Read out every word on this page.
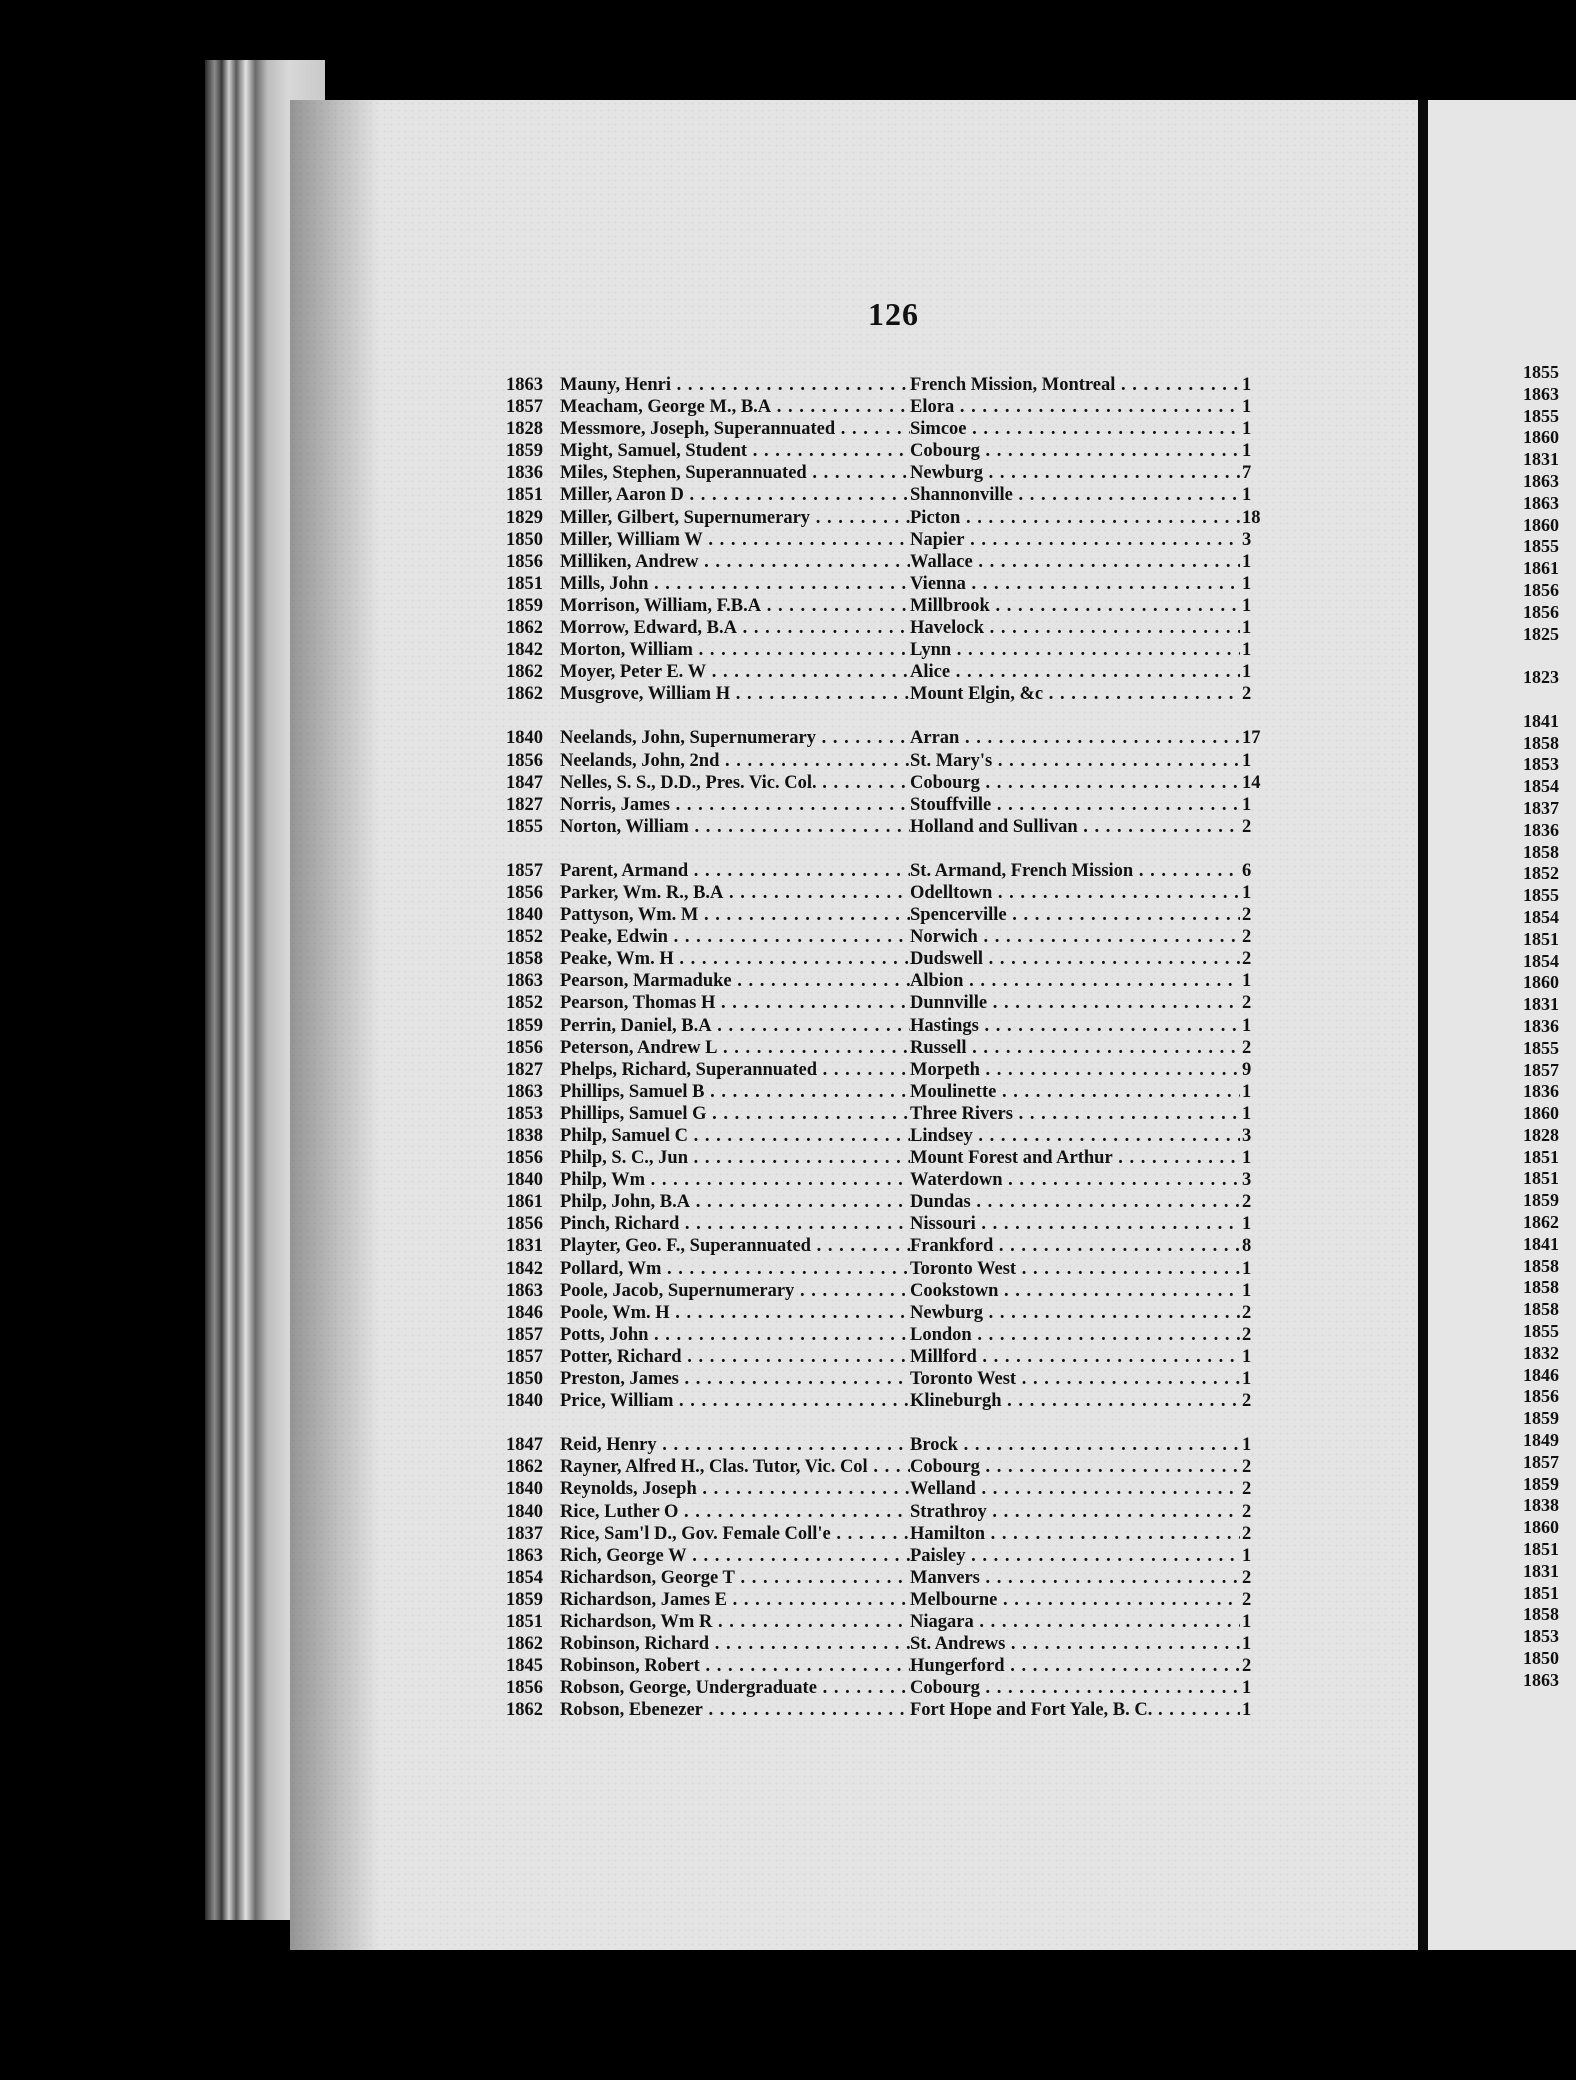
1855
1863
1855
1860
1831
1863
1863
1860
1855
1861
1856
1856
1825
1823
1841
1858
1853
1854
1837
1836
1858
1852
1855
1854
1851
1854
1860
1831
1836
1855
1857
1836
1860
1828
1851
1851
1859
1862
1841
1858
1858
1858
1855
1832
1846
1856
1859
1849
1857
1859
1838
1860
1851
1831
1851
1858
1853
1850
1863
126
1863 Mauny, Henri . . .	French Mission, Montreal . . .	1
1857 Meacham, George M., B.A . . .	Elora . . .	1
1828 Messmore, Joseph, Superannuated . . .	Simcoe . . .	1
1859 Might, Samuel, Student . . .	Cobourg . . .	1
1836 Miles, Stephen, Superannuated . . .	Newburg . . .	7
1851 Miller, Aaron D . . .	Shannonville . . .	1
1829 Miller, Gilbert, Supernumerary . . .	Picton . . .	18
1850 Miller, William W . . .	Napier . . .	3
1856 Milliken, Andrew . . .	Wallace . . .	1
1851 Mills, John . . .	Vienna . . .	1
1859 Morrison, William, F.B.A . . .	Millbrook . . .	1
1862 Morrow, Edward, B.A . . .	Havelock . . .	1
1842 Morton, William . . .	Lynn . . .	1
1862 Moyer, Peter E. W . . .	Alice . . .	1
1862 Musgrove, William H . . .	Mount Elgin, &c . . .	2
1840 Neelands, John, Supernumerary . . .	Arran . . .	17
1856 Neelands, John, 2nd . . .	St. Mary's . . .	1
1847 Nelles, S. S., D.D., Pres. Vic. Col. . . .	Cobourg . . .	14
1827 Norris, James . . .	Stouffville . . .	1
1855 Norton, William . . .	Holland and Sullivan . . .	2
1857 Parent, Armand . . .	St. Armand, French Mission . . .	6
1856 Parker, Wm. R., B.A . . .	Odelltown . . .	1
1840 Pattyson, Wm. M . . .	Spencerville . . .	2
1852 Peake, Edwin . . .	Norwich . . .	2
1858 Peake, Wm. H . . .	Dudswell . . .	2
1863 Pearson, Marmaduke . . .	Albion . . .	1
1852 Pearson, Thomas H . . .	Dunnville . . .	2
1859 Perrin, Daniel, B.A . . .	Hastings . . .	1
1856 Peterson, Andrew L . . .	Russell . . .	2
1827 Phelps, Richard, Superannuated . . .	Morpeth . . .	9
1863 Phillips, Samuel B . . .	Moulinette . . .	1
1853 Phillips, Samuel G . . .	Three Rivers . . .	1
1838 Philp, Samuel C . . .	Lindsey . . .	3
1856 Philp, S. C., Jun . . .	Mount Forest and Arthur . . .	1
1840 Philp, Wm . . .	Waterdown . . .	3
1861 Philp, John, B.A . . .	Dundas . . .	2
1856 Pinch, Richard . . .	Nissouri . . .	1
1831 Playter, Geo. F., Superannuated . . .	Frankford . . .	8
1842 Pollard, Wm . . .	Toronto West . . .	1
1863 Poole, Jacob, Supernumerary . . .	Cookstown . . .	1
1846 Poole, Wm. H . . .	Newburg . . .	2
1857 Potts, John . . .	London . . .	2
1857 Potter, Richard . . .	Millford . . .	1
1850 Preston, James . . .	Toronto West . . .	1
1840 Price, William . . .	Klineburgh . . .	2
1847 Reid, Henry . . .	Brock . . .	1
1862 Rayner, Alfred H., Clas. Tutor, Vic. Col . . .	Cobourg . . .	2
1840 Reynolds, Joseph . . .	Welland . . .	2
1840 Rice, Luther O . . .	Strathroy . . .	2
1837 Rice, Sam'l D., Gov. Female Coll'e . . .	Hamilton . . .	2
1863 Rich, George W . . .	Paisley . . .	1
1854 Richardson, George T . . .	Manvers . . .	2
1859 Richardson, James E . . .	Melbourne . . .	2
1851 Richardson, Wm R . . .	Niagara . . .	1
1862 Robinson, Richard . . .	St. Andrews . . .	1
1845 Robinson, Robert . . .	Hungerford . . .	2
1856 Robson, George, Undergraduate . . .	Cobourg . . .	1
1862 Robson, Ebenezer . . .	Fort Hope and Fort Yale, B. C. . . .	1
